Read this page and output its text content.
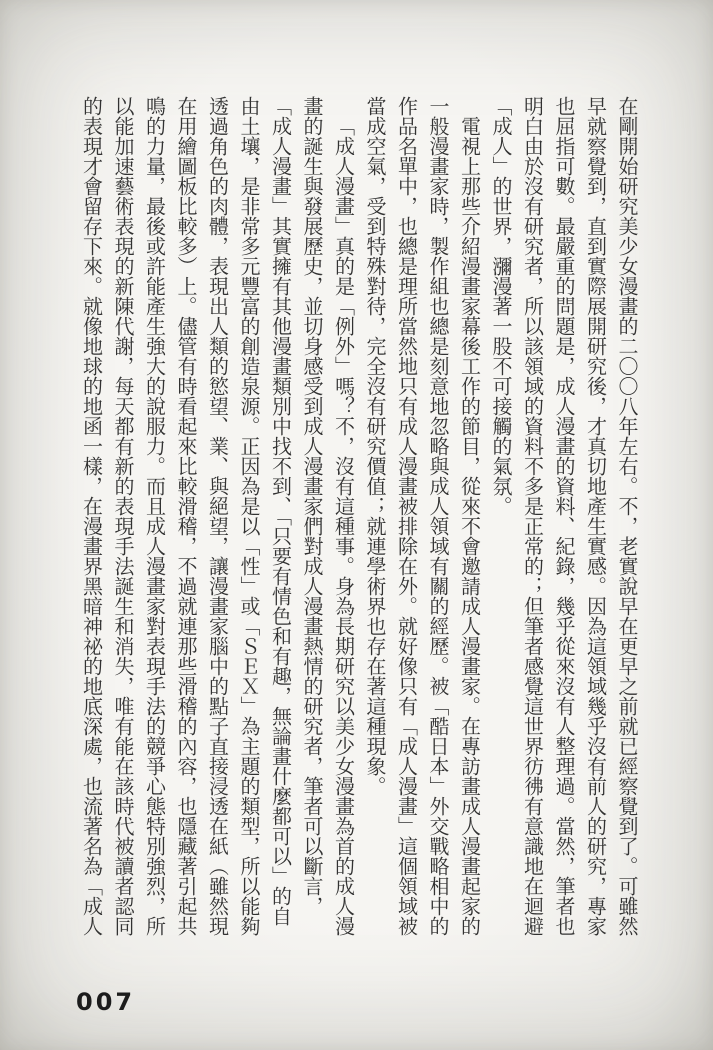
在剛開始研究美少女漫畫的二〇〇八年左右。不，老實說早在更早之前就已經察覺到了。可雖然早就察覺到，直到實際展開研究後，才真切地產生實感。因為這領域幾乎沒有前人的研究，專家也屈指可數。最嚴重的問題是，成人漫畫的資料、紀錄，幾乎從來沒有人整理過。當然，筆者也明白由於沒有研究者，所以該領域的資料不多是正常的；但筆者感覺這世界彷彿有意識地在迴避「成人」的世界，瀰漫著一股不可接觸的氣氛。

電視上那些介紹漫畫家幕後工作的節目，從來不會邀請成人漫畫家。在專訪畫成人漫畫起家的一般漫畫家時，製作組也總是刻意地忽略與成人領域有關的經歷。被「酷日本」外交戰略相中的作品名單中，也總是理所當然地只有成人漫畫被排除在外。就好像只有「成人漫畫」這個領域被當成空氣，受到特殊對待，完全沒有研究價值；就連學術界也存在著這種現象。

「成人漫畫」真的是「例外」嗎？不，沒有這種事。身為長期研究以美少女漫畫為首的成人漫畫的誕生與發展歷史，並切身感受到成人漫畫家們對成人漫畫熱情的研究者，筆者可以斷言，「成人漫畫」其實擁有其他漫畫類別中找不到、「只要有情色和有趣，無論畫什麼都可以」的自由土壤，是非常多元豐富的創造泉源。正因為是以「性」或「ＳＥＸ」為主題的類型，所以能夠透過角色的肉體，表現出人類的慾望、業、與絕望，讓漫畫家腦中的點子直接浸透在紙（雖然現在用繪圖板比較多）上。儘管有時看起來比較滑稽，不過就連那些滑稽的內容，也隱藏著引起共鳴的力量，最後或許能產生強大的說服力。而且成人漫畫家對表現手法的競爭心態特別強烈，所以能加速藝術表現的新陳代謝，每天都有新的表現手法誕生和消失，唯有能在該時代被讀者認同的表現才會留存下來。就像地球的地函一樣，在漫畫界黑暗神祕的地底深處，也流著名為「成人

007
